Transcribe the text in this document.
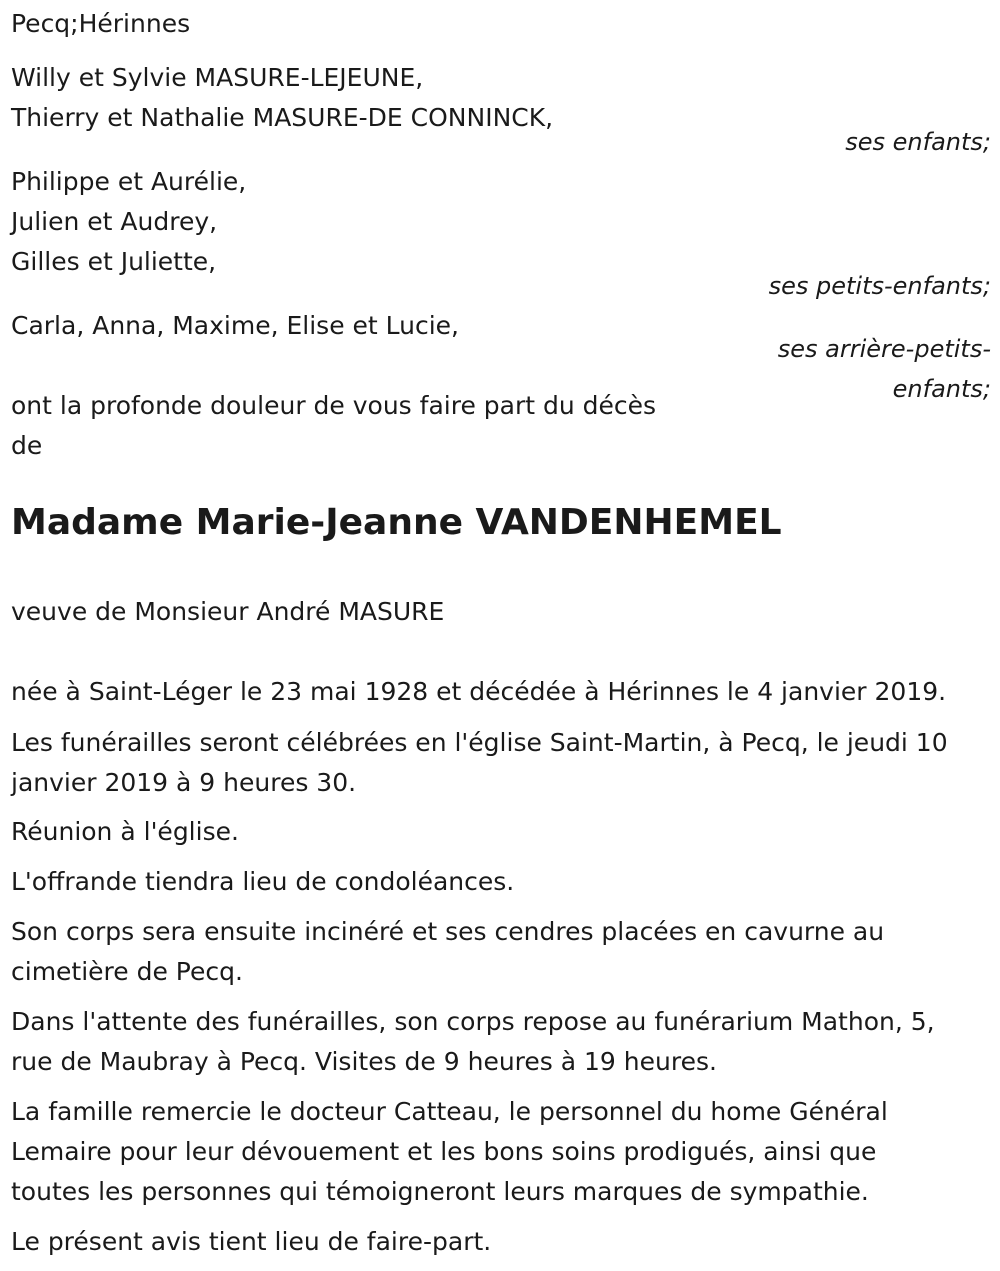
Pecq;Hérinnes
Willy et Sylvie MASURE-LEJEUNE,
Thierry et Nathalie MASURE-DE CONNINCK,
ses enfants;
Philippe et Aurélie,
Julien et Audrey,
Gilles et Juliette,
ses petits-enfants;
Carla, Anna, Maxime, Elise et Lucie,
ses arrière-petits-
enfants;
ont la profonde douleur de vous faire part du décès
de
Madame Marie-Jeanne VANDENHEMEL
veuve de Monsieur André MASURE

née à Saint-Léger le 23 mai 1928 et décédée à Hérinnes le 4 janvier 2019.

Les funérailles seront célébrées en l'église Saint-Martin, à Pecq, le jeudi 10 janvier 2019 à 9 heures 30.

Réunion à l'église.

L'offrande tiendra lieu de condoléances.

Son corps sera ensuite incinéré et ses cendres placées en cavurne au cimetière de Pecq.

Dans l'attente des funérailles, son corps repose au funérarium Mathon, 5, rue de Maubray à Pecq. Visites de 9 heures à 19 heures.

La famille remercie le docteur Catteau, le personnel du home Général Lemaire pour leur dévouement et les bons soins prodigués, ainsi que toutes les personnes qui témoigneront leurs marques de sympathie.

Le présent avis tient lieu de faire-part.
